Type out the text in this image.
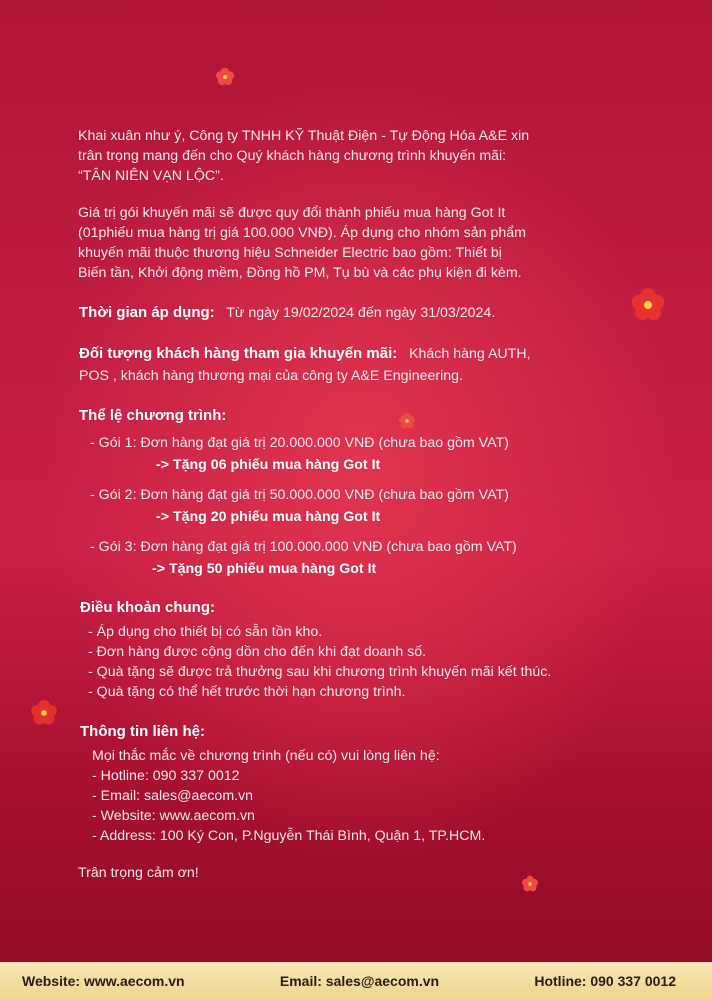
Khai xuân như ý, Công ty TNHH KỸ Thuật Điện - Tự Động Hóa A&E xin
trân trọng mang đến cho Quý khách hàng chương trình khuyến mãi:
“TÂN NIÊN VẠN LỘC”.
Giá trị gói khuyến mãi sẽ được quy đổi thành phiếu mua hàng Got It
(01phiếu mua hàng trị giá 100.000 VNĐ). Áp dụng cho nhóm sản phẩm
khuyến mãi thuộc thương hiệu Schneider Electric bao gồm: Thiết bị
Biến tần, Khởi động mềm, Đồng hồ PM, Tụ bù và các phụ kiện đi kèm.
Thời gian áp dụng: Từ ngày 19/02/2024 đến ngày 31/03/2024.
Đối tượng khách hàng tham gia khuyến mãi: Khách hàng AUTH,
POS , khách hàng thương mại của công ty A&E Engineering.
Thể lệ chương trình:
- Gói 1: Đơn hàng đạt giá trị 20.000.000 VNĐ (chưa bao gồm VAT)
-> Tặng 06 phiếu mua hàng Got It
- Gói 2: Đơn hàng đạt giá trị 50.000.000 VNĐ (chưa bao gồm VAT)
-> Tặng 20 phiếu mua hàng Got It
- Gói 3: Đơn hàng đạt giá trị 100.000.000 VNĐ (chưa bao gồm VAT)
-> Tặng 50 phiếu mua hàng Got It
Điều khoản chung:
- Áp dụng cho thiết bị có sẵn tồn kho.
- Đơn hàng được cộng dồn cho đến khi đạt doanh số.
- Quà tặng sẽ được trả thưởng sau khi chương trình khuyến mãi kết thúc.
- Quà tặng có thể hết trước thời hạn chương trình.
Thông tin liên hệ:
Mọi thắc mắc về chương trình (nếu có) vui lòng liên hệ:
- Hotline: 090 337 0012
- Email: sales@aecom.vn
- Website: www.aecom.vn
- Address: 100 Ký Con, P.Nguyễn Thái Bình, Quận 1, TP.HCM.
Trân trọng cảm ơn!
Website: www.aecom.vn	Email: sales@aecom.vn	Hotline: 090 337 0012
